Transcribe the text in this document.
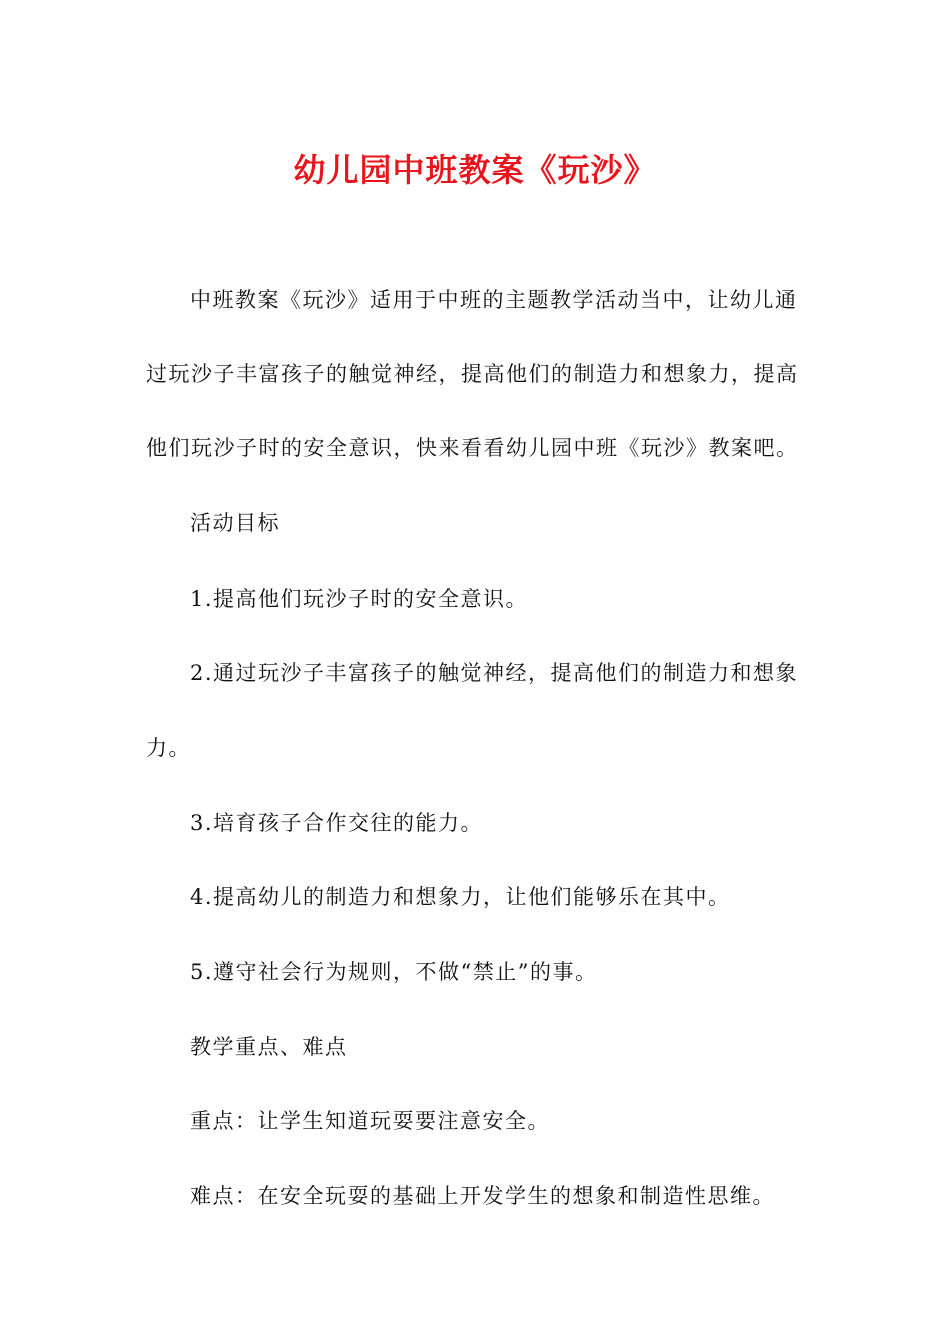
幼儿园中班教案《玩沙》

中班教案《玩沙》适用于中班的主题教学活动当中，让幼儿通

过玩沙子丰富孩子的触觉神经，提高他们的制造力和想象力，提高

他们玩沙子时的安全意识，快来看看幼儿园中班《玩沙》教案吧。

活动目标

1.提高他们玩沙子时的安全意识。

2.通过玩沙子丰富孩子的触觉神经，提高他们的制造力和想象

力。

3.培育孩子合作交往的能力。

4.提高幼儿的制造力和想象力，让他们能够乐在其中。

5.遵守社会行为规则，不做“禁止”的事。

教学重点、难点

重点：让学生知道玩耍要注意安全。

难点：在安全玩耍的基础上开发学生的想象和制造性思维。
